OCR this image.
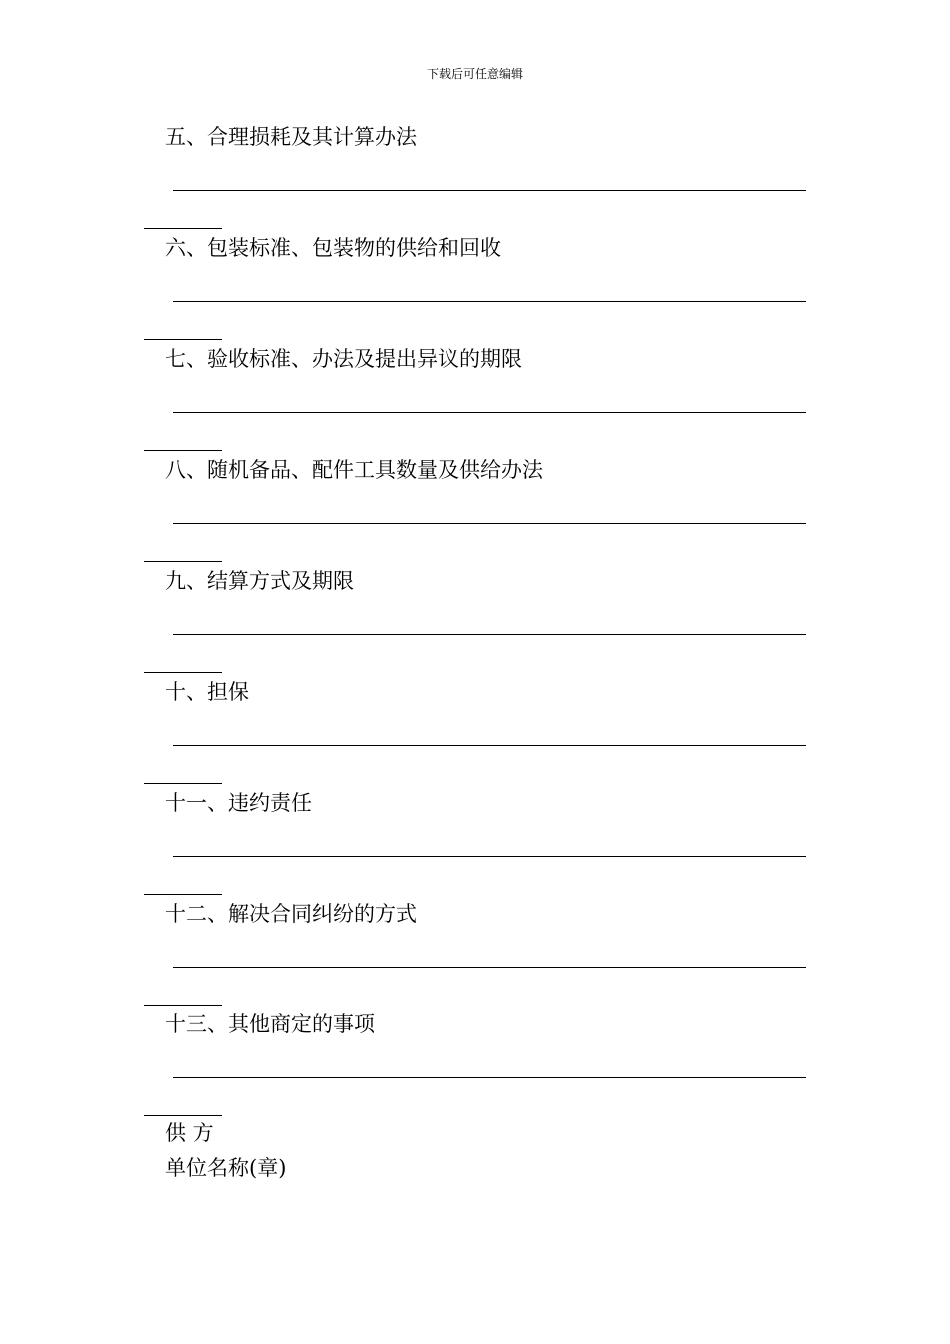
下载后可任意编辑
五、合理损耗及其计算办法
六、包装标准、包装物的供给和回收
七、验收标准、办法及提出异议的期限
八、随机备品、配件工具数量及供给办法
九、结算方式及期限
十、担保
十一、违约责任
十二、解决合同纠纷的方式
十三、其他商定的事项
供 方
单位名称(章)
